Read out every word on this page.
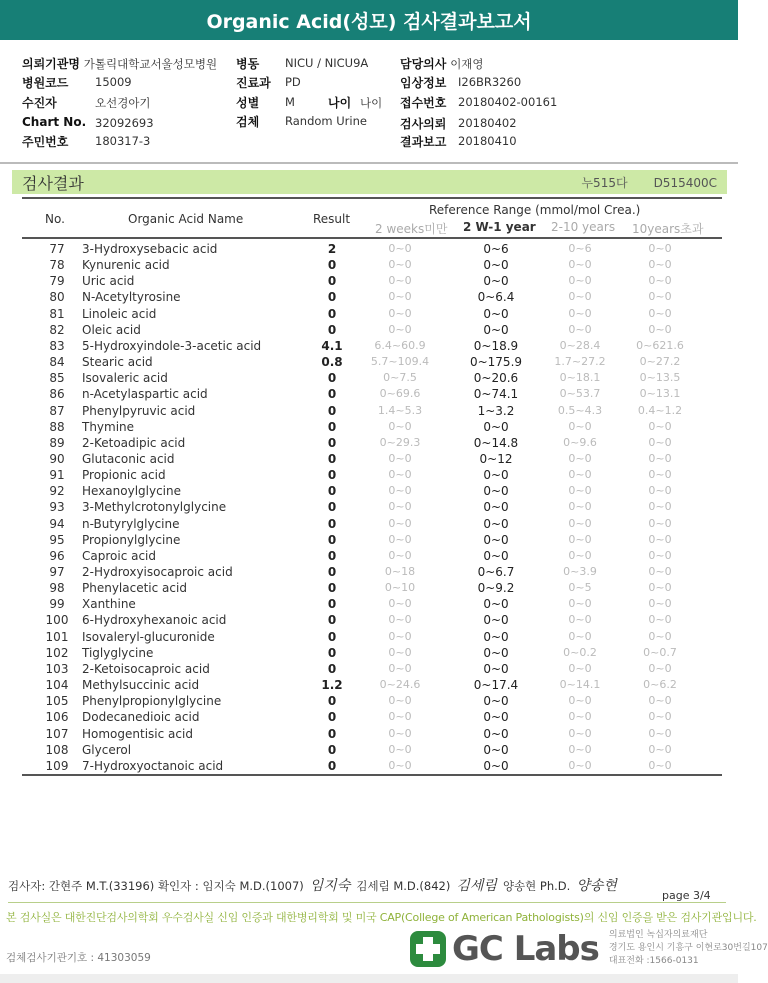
Organic Acid(성모) 검사결과보고서
의뢰기관명 가톨릭대학교서울성모병원 병동 NICU / NICU9A	담당의사 이재영
병원코드 15009	진료과 PD	임상정보 I26BR3260
수진자	오선경아기	성별 M	나이 나이 접수번호 20180402-00161
Chart No. 32092693	검체 Random Urine	검사의뢰 20180402
주민번호 180317-3	결과보고 20180410
검사결과	누515다 D515400C
No.	Organic Acid Name	Result
Reference Range (mmol/mol Crea.)
2 weeks미만 2 W-1 year 2-10 years 10years초과
77	3-Hydroxysebacic acid	2	0~0	0~6	0~6	0~0
78	Kynurenic acid	0	0~0	0~0	0~0	0~0
79	Uric acid	0	0~0	0~0	0~0	0~0
80	N-Acetyltyrosine	0	0~0	0~6.4	0~0	0~0
81	Linoleic acid	0	0~0	0~0	0~0	0~0
82	Oleic acid	0	0~0	0~0	0~0	0~0
83	5-Hydroxyindole-3-acetic acid	4.1	6.4~60.9	0~18.9	0~28.4	0~621.6
84	Stearic acid	0.8	5.7~109.4	0~175.9	1.7~27.2	0~27.2
85	Isovaleric acid	0	0~7.5	0~20.6	0~18.1	0~13.5
86	n-Acetylaspartic acid	0	0~69.6	0~74.1	0~53.7	0~13.1
87	Phenylpyruvic acid	0	1.4~5.3	1~3.2	0.5~4.3	0.4~1.2
88	Thymine	0	0~0	0~0	0~0	0~0
89	2-Ketoadipic acid	0	0~29.3	0~14.8	0~9.6	0~0
90	Glutaconic acid	0	0~0	0~12	0~0	0~0
91	Propionic acid	0	0~0	0~0	0~0	0~0
92	Hexanoylglycine	0	0~0	0~0	0~0	0~0
93	3-Methylcrotonylglycine	0	0~0	0~0	0~0	0~0
94	n-Butyrylglycine	0	0~0	0~0	0~0	0~0
95	Propionylglycine	0	0~0	0~0	0~0	0~0
96	Caproic acid	0	0~0	0~0	0~0	0~0
97	2-Hydroxyisocaproic acid	0	0~18	0~6.7	0~3.9	0~0
98	Phenylacetic acid	0	0~10	0~9.2	0~5	0~0
99	Xanthine	0	0~0	0~0	0~0	0~0
100	6-Hydroxyhexanoic acid	0	0~0	0~0	0~0	0~0
101	Isovaleryl-glucuronide	0	0~0	0~0	0~0	0~0
102	Tiglyglycine	0	0~0	0~0	0~0.2	0~0.7
103	2-Ketoisocaproic acid	0	0~0	0~0	0~0	0~0
104	Methylsuccinic acid	1.2	0~24.6	0~17.4	0~14.1	0~6.2
105	Phenylpropionylglycine	0	0~0	0~0	0~0	0~0
106	Dodecanedioic acid	0	0~0	0~0	0~0	0~0
107	Homogentisic acid	0	0~0	0~0	0~0	0~0
108	Glycerol	0	0~0	0~0	0~0	0~0
109	7-Hydroxyoctanoic acid	0	0~0	0~0	0~0	0~0
검사자: 간현주 M.T.(33196) 확인자 : 임지숙 M.D.(1007) 임지숙 김세림 M.D.(842) 김세림 양송현 Ph.D. 양송현
page 3/4
본 검사실은 대한진단검사의학회 우수검사실 신임 인증과 대한병리학회 및 미국 CAP(College of American Pathologists)의 신임 인증을 받은 검사기관입니다.
검체검사기관기호 : 41303059	GC Labs 의료법인 녹십자의료재단
경기도 용인시 기흥구 이현로30번길107
대표전화 :1566-0131
